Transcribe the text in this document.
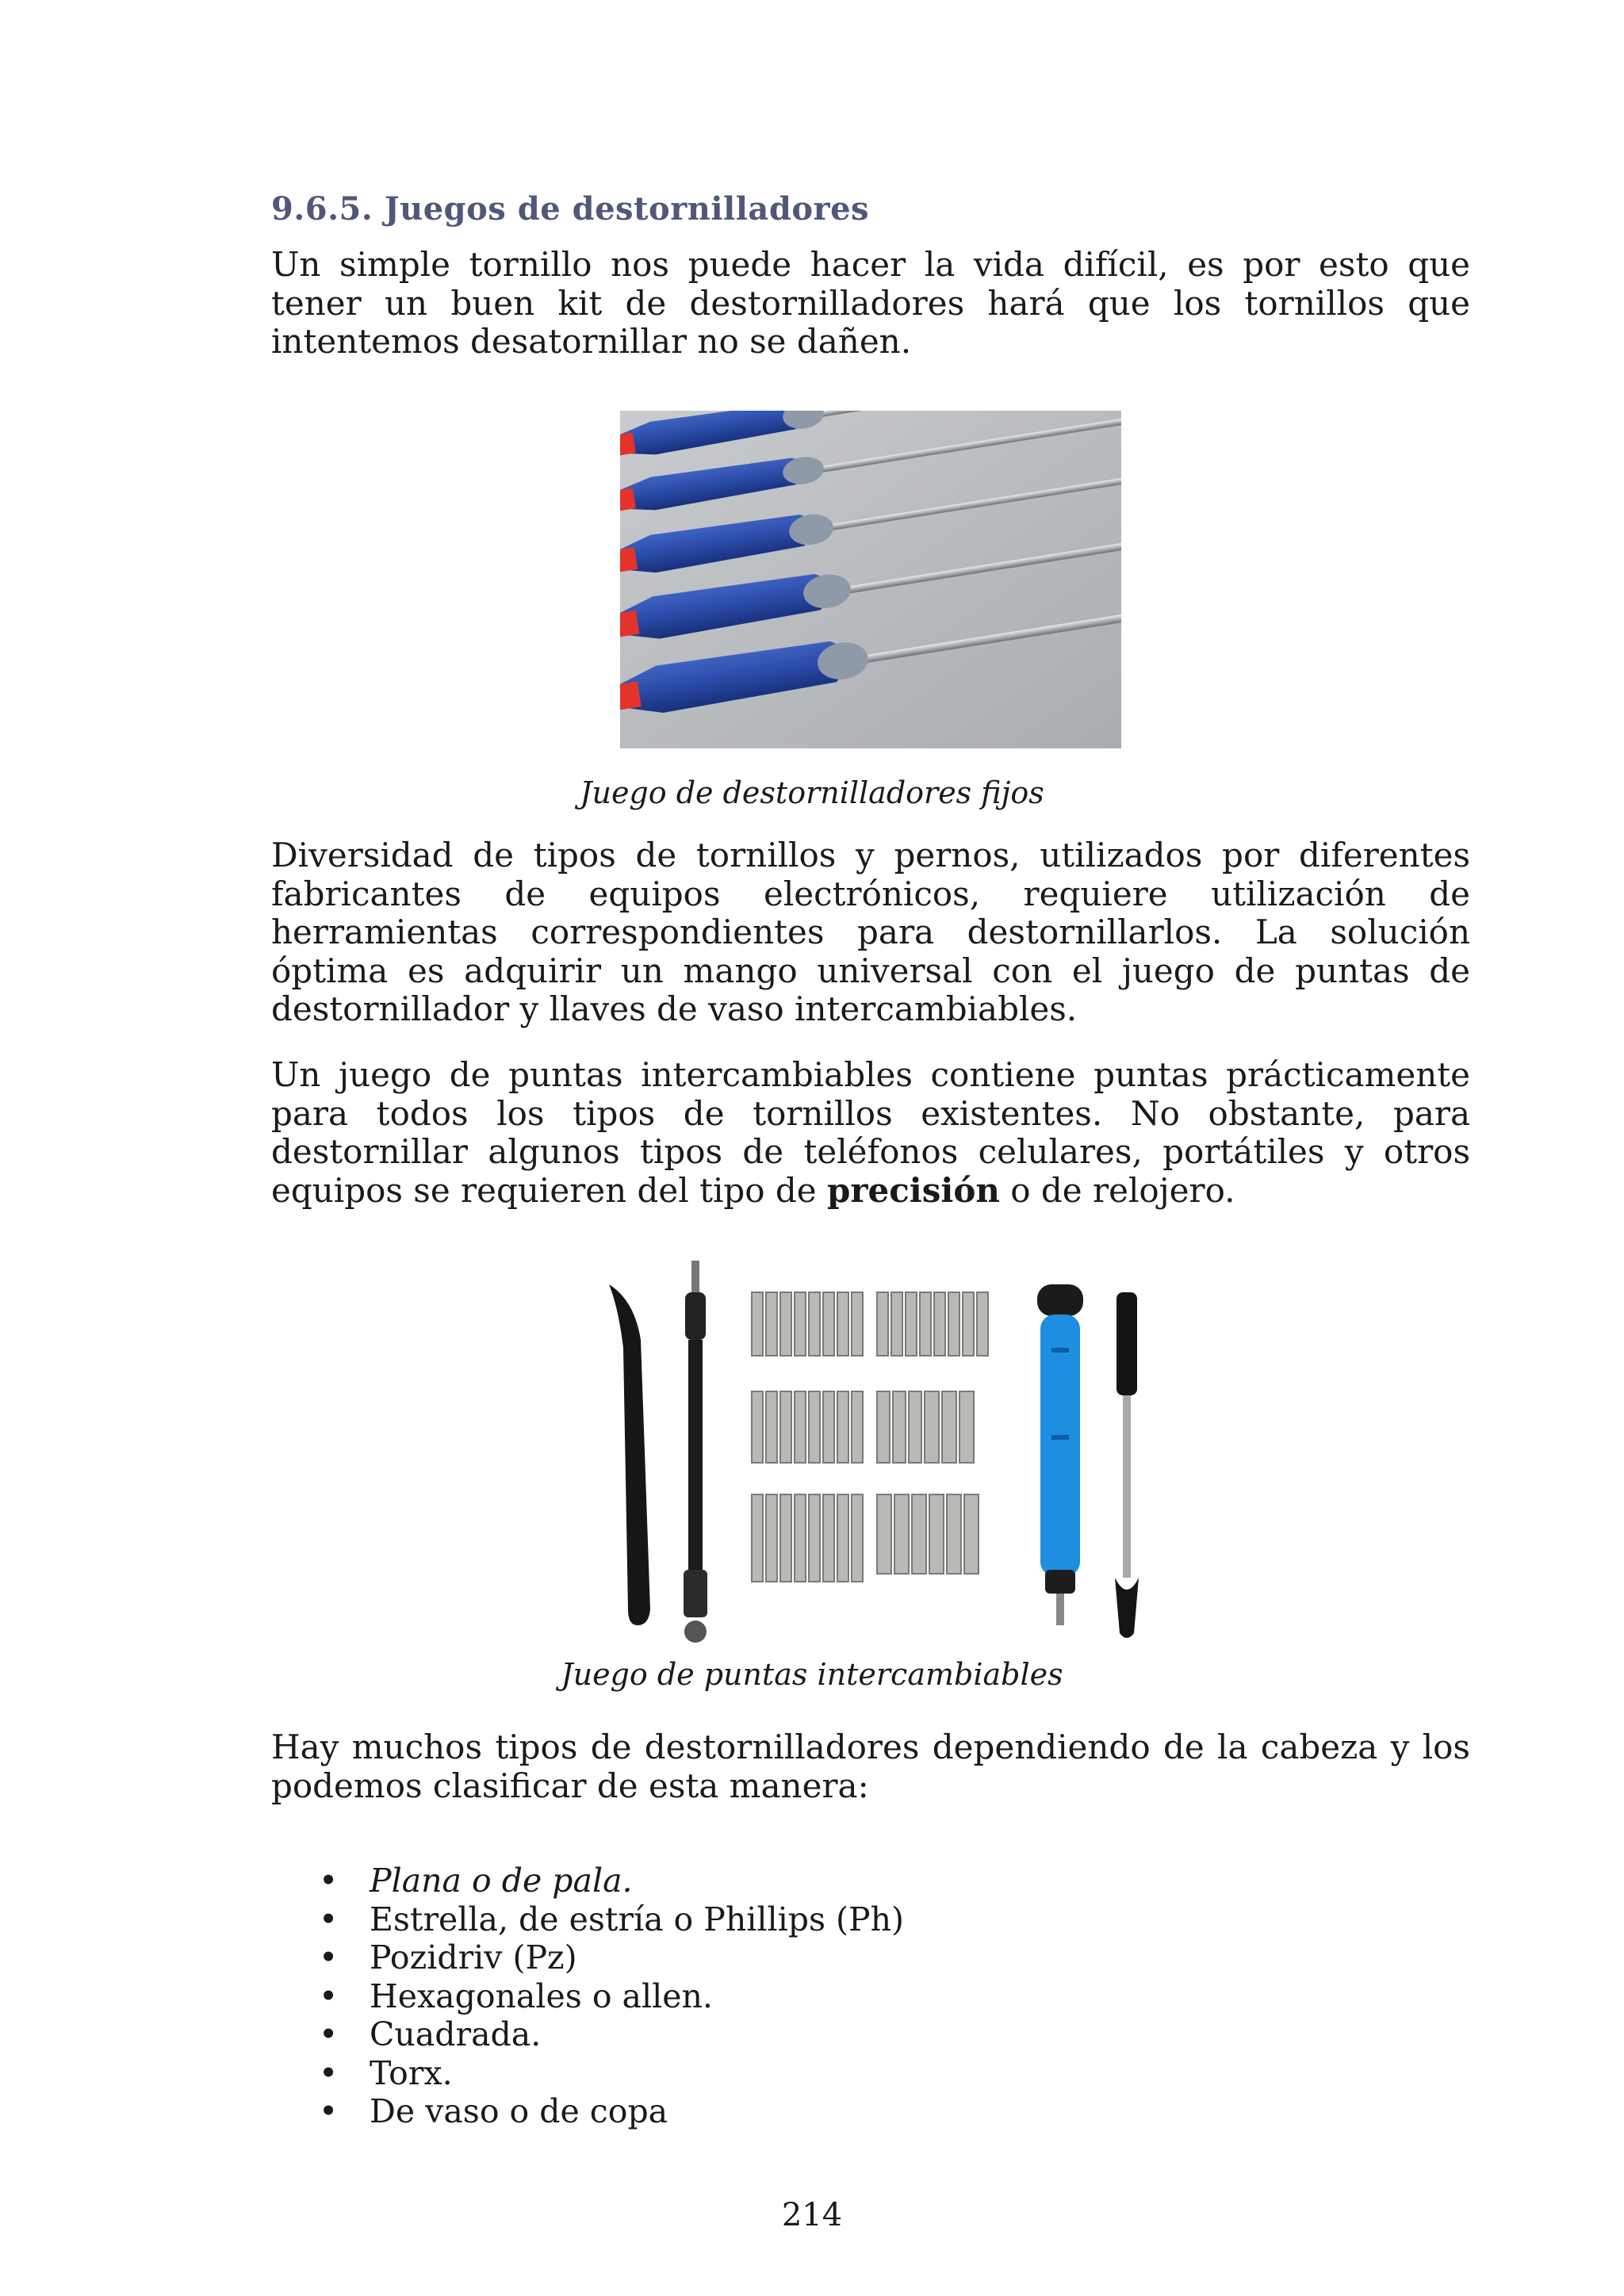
9.6.5. Juegos de destornilladores

Un simple tornillo nos puede hacer la vida difícil, es por esto que tener un buen kit de destornilladores hará que los tornillos que intentemos desatornillar no se dañen.

Juego de destornilladores fijos

Diversidad de tipos de tornillos y pernos, utilizados por diferentes fabricantes de equipos electrónicos, requiere utilización de herramientas correspondientes para destornillarlos. La solución óptima es adquirir un mango universal con el juego de puntas de destornillador y llaves de vaso intercambiables.

Un juego de puntas intercambiables contiene puntas prácticamente para todos los tipos de tornillos existentes. No obstante, para destornillar algunos tipos de teléfonos celulares, portátiles y otros equipos se requieren del tipo de precisión o de relojero.

Juego de puntas intercambiables

Hay muchos tipos de destornilladores dependiendo de la cabeza y los podemos clasificar de esta manera:

• Plana o de pala.
• Estrella, de estría o Phillips (Ph)
• Pozidriv (Pz)
• Hexagonales o allen.
• Cuadrada.
• Torx.
• De vaso o de copa
214
